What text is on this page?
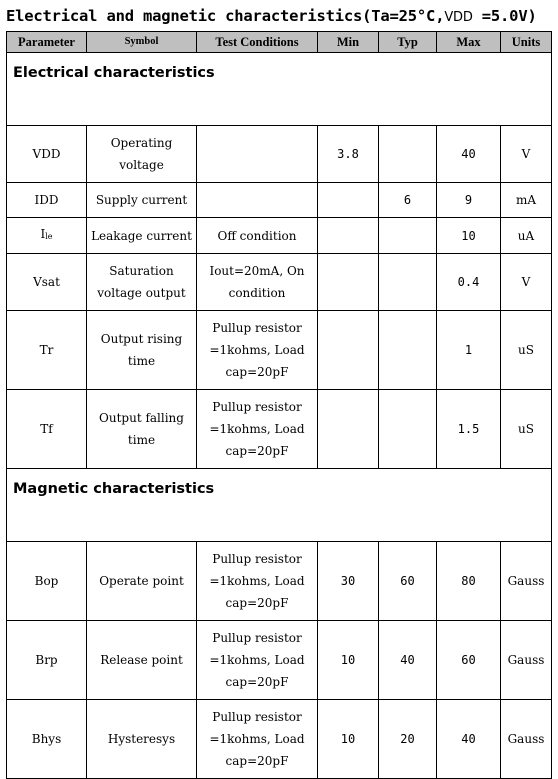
Electrical and magnetic characteristics(Ta=25°C,VDD =5.0V)
Parameter	Symbol	Test Conditions	Min	Typ	Max	Units
Electrical characteristics						
VDD	Operating voltage		3.8		40	V
IDD	Supply current			6	9	mA
Ile	Leakage current	Off condition			10	uA
Vsat	Saturation voltage output	Iout=20mA, On condition			0.4	V
Tr	Output rising time	Pullup resistor =1kohms, Load cap=20pF			1	uS
Tf	Output falling time	Pullup resistor =1kohms, Load cap=20pF			1.5	uS
Magnetic characteristics						
Bop	Operate point	Pullup resistor =1kohms, Load cap=20pF	30	60	80	Gauss
Brp	Release point	Pullup resistor =1kohms, Load cap=20pF	10	40	60	Gauss
Bhys	Hysteresys	Pullup resistor =1kohms, Load cap=20pF	10	20	40	Gauss
